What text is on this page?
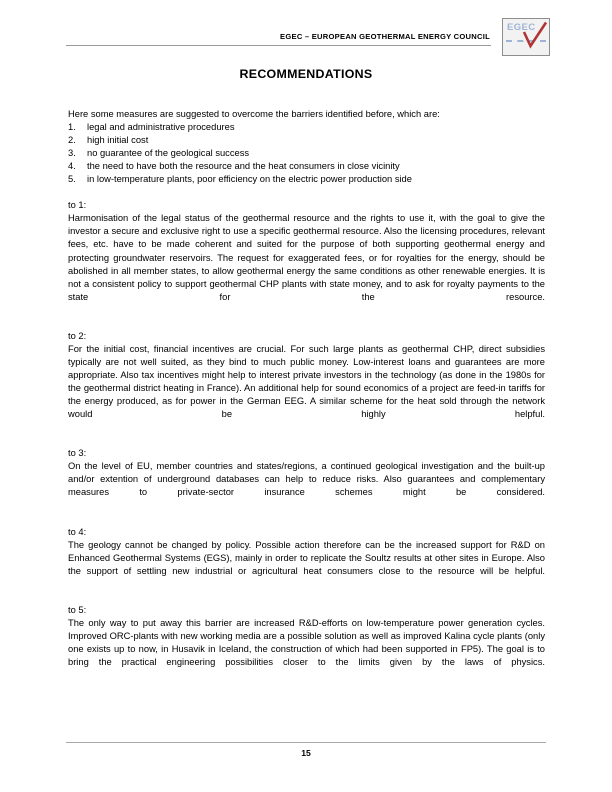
EGEC – EUROPEAN GEOTHERMAL ENERGY COUNCIL
EGEC
RECOMMENDATIONS
Here some measures are suggested to overcome the barriers identified before, which are:
1. legal and administrative procedures
2. high initial cost
3. no guarantee of the geological success
4. the need to have both the resource and the heat consumers in close vicinity
5. in low-temperature plants, poor efficiency on the electric power production side
to 1:
Harmonisation of the legal status of the geothermal resource and the rights to use it, with the goal to give the investor a secure and exclusive right to use a specific geothermal resource. Also the licensing procedures, relevant fees, etc. have to be made coherent and suited for the purpose of both supporting geothermal energy and protecting groundwater reservoirs. The request for exaggerated fees, or for royalties for the energy, should be abolished in all member states, to allow geothermal energy the same conditions as other renewable energies. It is not a consistent policy to support geothermal CHP plants with state money, and to ask for royalty payments to the state for the resource.
to 2:
For the initial cost, financial incentives are crucial. For such large plants as geothermal CHP, direct subsidies typically are not well suited, as they bind to much public money. Low-interest loans and guarantees are more appropriate. Also tax incentives might help to interest private investors in the technology (as done in the 1980s for the geothermal district heating in France). An additional help for sound economics of a project are feed-in tariffs for the energy produced, as for power in the German EEG. A similar scheme for the heat sold through the network would be highly helpful.
to 3:
On the level of EU, member countries and states/regions, a continued geological investigation and the built-up and/or extention of underground databases can help to reduce risks. Also guarantees and complementary measures to private-sector insurance schemes might be considered.
to 4:
The geology cannot be changed by policy. Possible action therefore can be the increased support for R&D on Enhanced Geothermal Systems (EGS), mainly in order to replicate the Soultz results at other sites in Europe. Also the support of settling new industrial or agricultural heat consumers close to the resource will be helpful.
to 5:
The only way to put away this barrier are increased R&D-efforts on low-temperature power generation cycles. Improved ORC-plants with new working media are a possible solution as well as improved Kalina cycle plants (only one exists up to now, in Husavik in Iceland, the construction of which had been supported in FP5). The goal is to bring the practical engineering possibilities closer to the limits given by the laws of physics.
15
